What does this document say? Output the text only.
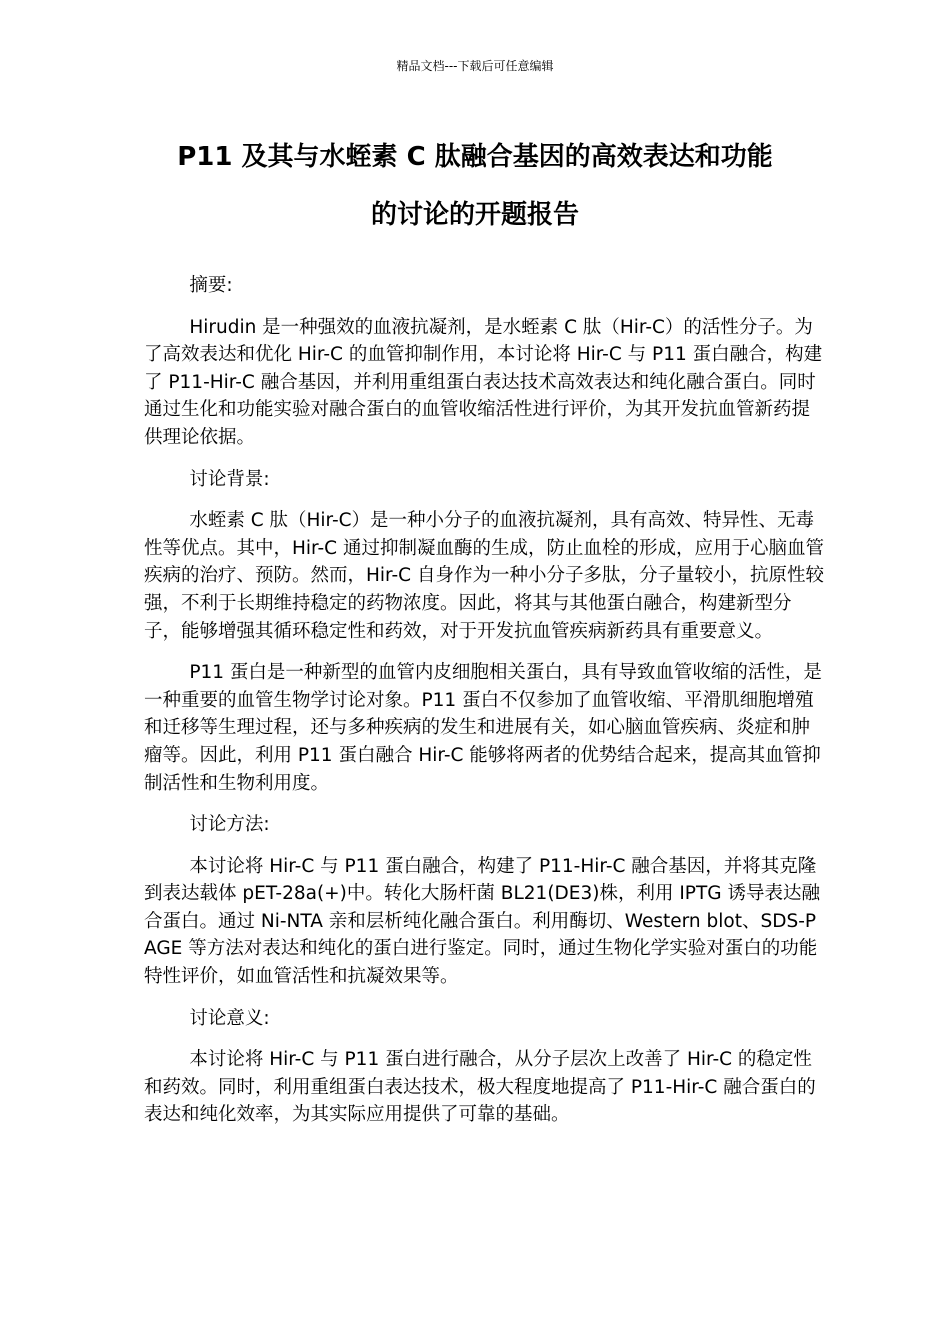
精品文档---下载后可任意编辑
P11 及其与水蛭素 C 肽融合基因的高效表达和功能
的讨论的开题报告

摘要:

Hirudin 是一种强效的血液抗凝剂，是水蛭素 C 肽（Hir-C）的活性分子。为了高效表达和优化 Hir-C 的血管抑制作用，本讨论将 Hir-C 与 P11 蛋白融合，构建了 P11-Hir-C 融合基因，并利用重组蛋白表达技术高效表达和纯化融合蛋白。同时通过生化和功能实验对融合蛋白的血管收缩活性进行评价，为其开发抗血管新药提供理论依据。

讨论背景:

水蛭素 C 肽（Hir-C）是一种小分子的血液抗凝剂，具有高效、特异性、无毒性等优点。其中，Hir-C 通过抑制凝血酶的生成，防止血栓的形成，应用于心脑血管疾病的治疗、预防。然而，Hir-C 自身作为一种小分子多肽，分子量较小，抗原性较强，不利于长期维持稳定的药物浓度。因此，将其与其他蛋白融合，构建新型分子，能够增强其循环稳定性和药效，对于开发抗血管疾病新药具有重要意义。

P11 蛋白是一种新型的血管内皮细胞相关蛋白，具有导致血管收缩的活性，是一种重要的血管生物学讨论对象。P11 蛋白不仅参加了血管收缩、平滑肌细胞增殖和迁移等生理过程，还与多种疾病的发生和进展有关，如心脑血管疾病、炎症和肿瘤等。因此，利用 P11 蛋白融合 Hir-C 能够将两者的优势结合起来，提高其血管抑制活性和生物利用度。

讨论方法:

本讨论将 Hir-C 与 P11 蛋白融合，构建了 P11-Hir-C 融合基因，并将其克隆到表达载体 pET-28a(+)中。转化大肠杆菌 BL21(DE3)株，利用 IPTG 诱导表达融合蛋白。通过 Ni-NTA 亲和层析纯化融合蛋白。利用酶切、Western blot、SDS-PAGE 等方法对表达和纯化的蛋白进行鉴定。同时，通过生物化学实验对蛋白的功能特性评价，如血管活性和抗凝效果等。

讨论意义:

本讨论将 Hir-C 与 P11 蛋白进行融合，从分子层次上改善了 Hir-C 的稳定性和药效。同时，利用重组蛋白表达技术，极大程度地提高了 P11-Hir-C 融合蛋白的表达和纯化效率，为其实际应用提供了可靠的基础。
